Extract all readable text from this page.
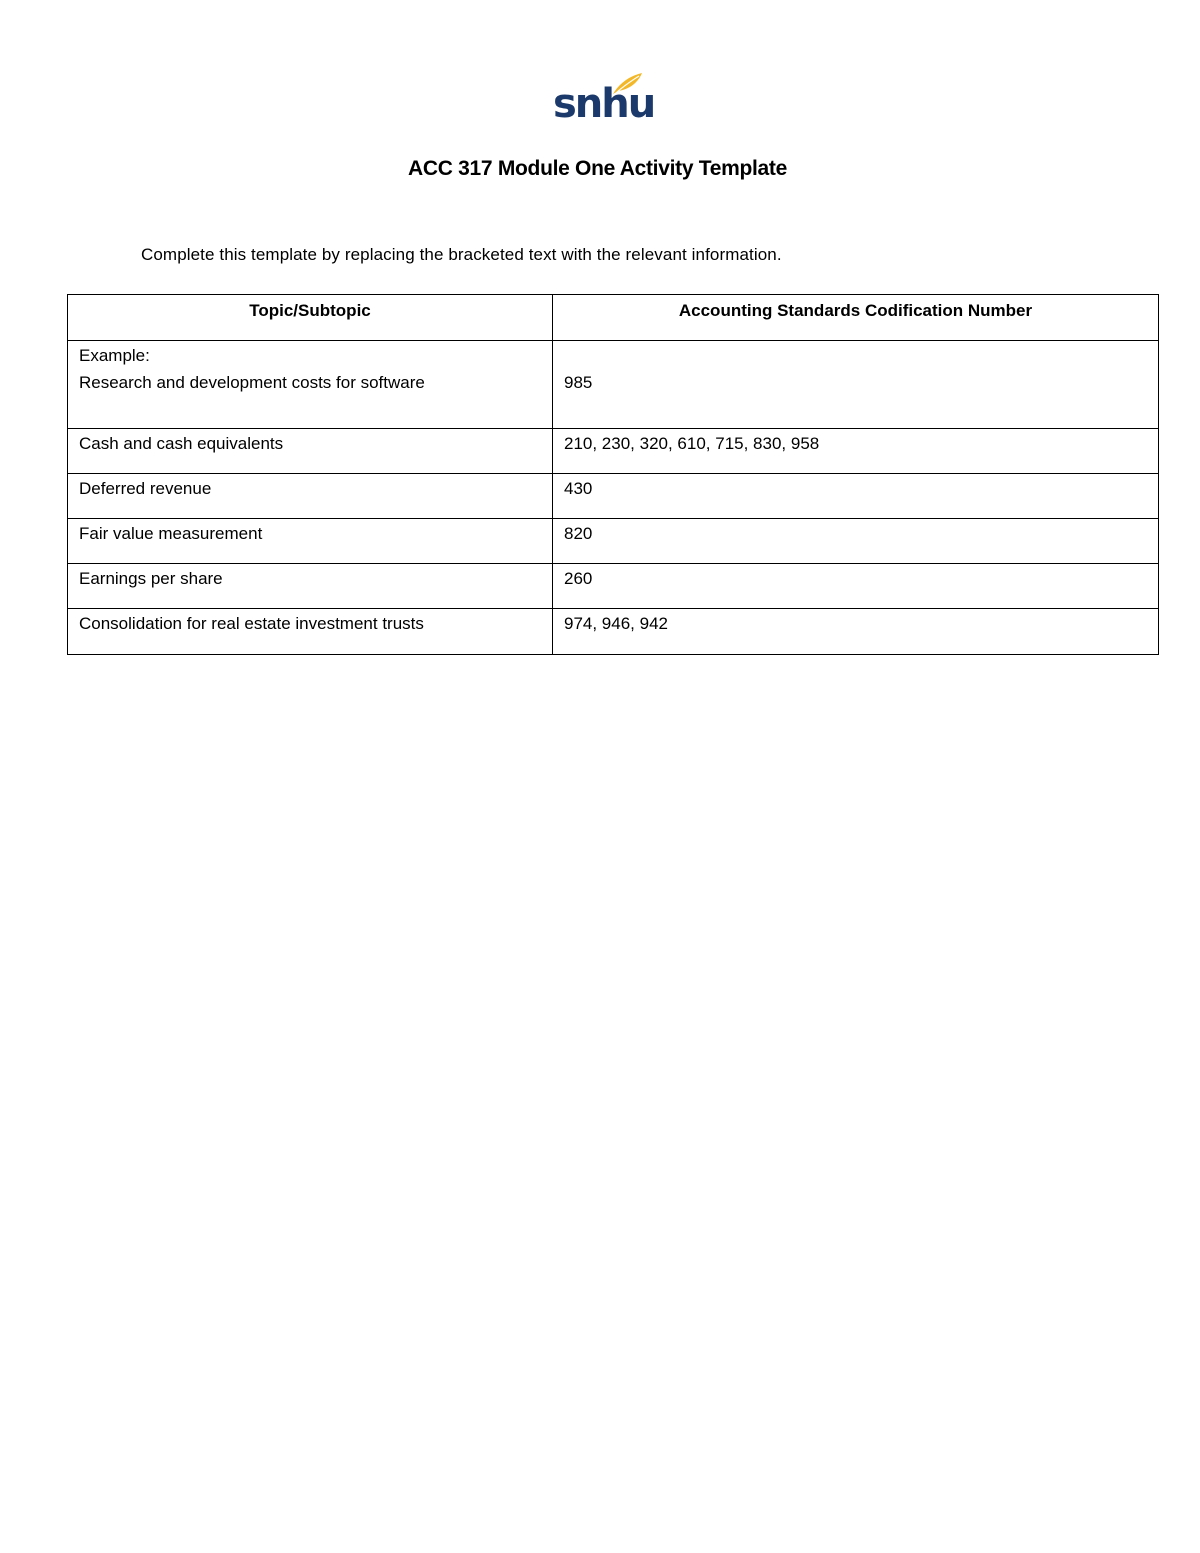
snhu
ACC 317 Module One Activity Template
Complete this template by replacing the bracketed text with the relevant information.
Topic/Subtopic	Accounting Standards Codification Number

Example:
Research and development costs for software	985
Cash and cash equivalents	210, 230, 320, 610, 715, 830, 958
Deferred revenue	430
Fair value measurement	820
Earnings per share	260
Consolidation for real estate investment trusts	974, 946, 942
